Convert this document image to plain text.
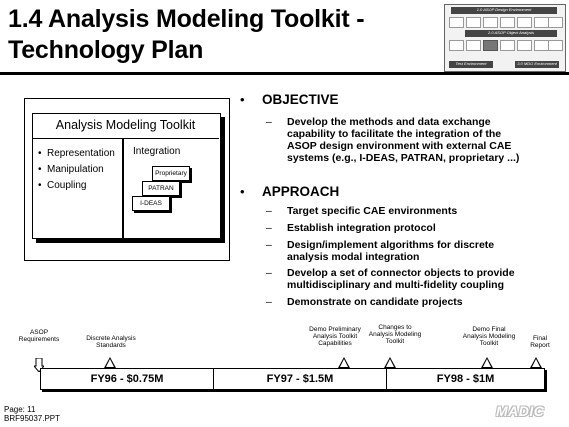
1.4 Analysis Modeling Toolkit -
Technology Plan
1.0 ASOP Design Environment
2.0 ASOP Object Analysis
Test Environment	3.0 MDO Environment
Analysis Modeling Toolkit
• Representation
• Manipulation
• Coupling
Integration
Proprietary
PATRAN
I-DEAS
• OBJECTIVE
– Develop the methods and data exchange
capability to facilitate the integration of the
ASOP design environment with external CAE
systems (e.g., I-DEAS, PATRAN, proprietary ...)
• APPROACH
– Target specific CAE environments
– Establish integration protocol
– Design/implement algorithms for discrete
analysis modal integration
– Develop a set of connector objects to provide
multidisciplinary and multi-fidelity coupling
– Demonstrate on candidate projects
ASOP
Requirements	Discrete Analysis
Standards
Demo Preliminary
Analysis Toolkit
Capabilities
Changes to
Analysis Modeling
Toolkit
Demo Final
Analysis Modeling
Toolkit
Final
Report
FY96 - $0.75M	FY97 - $1.5M	FY98 - $1M
Page: 11
BRF95037.PPT	MADIC
